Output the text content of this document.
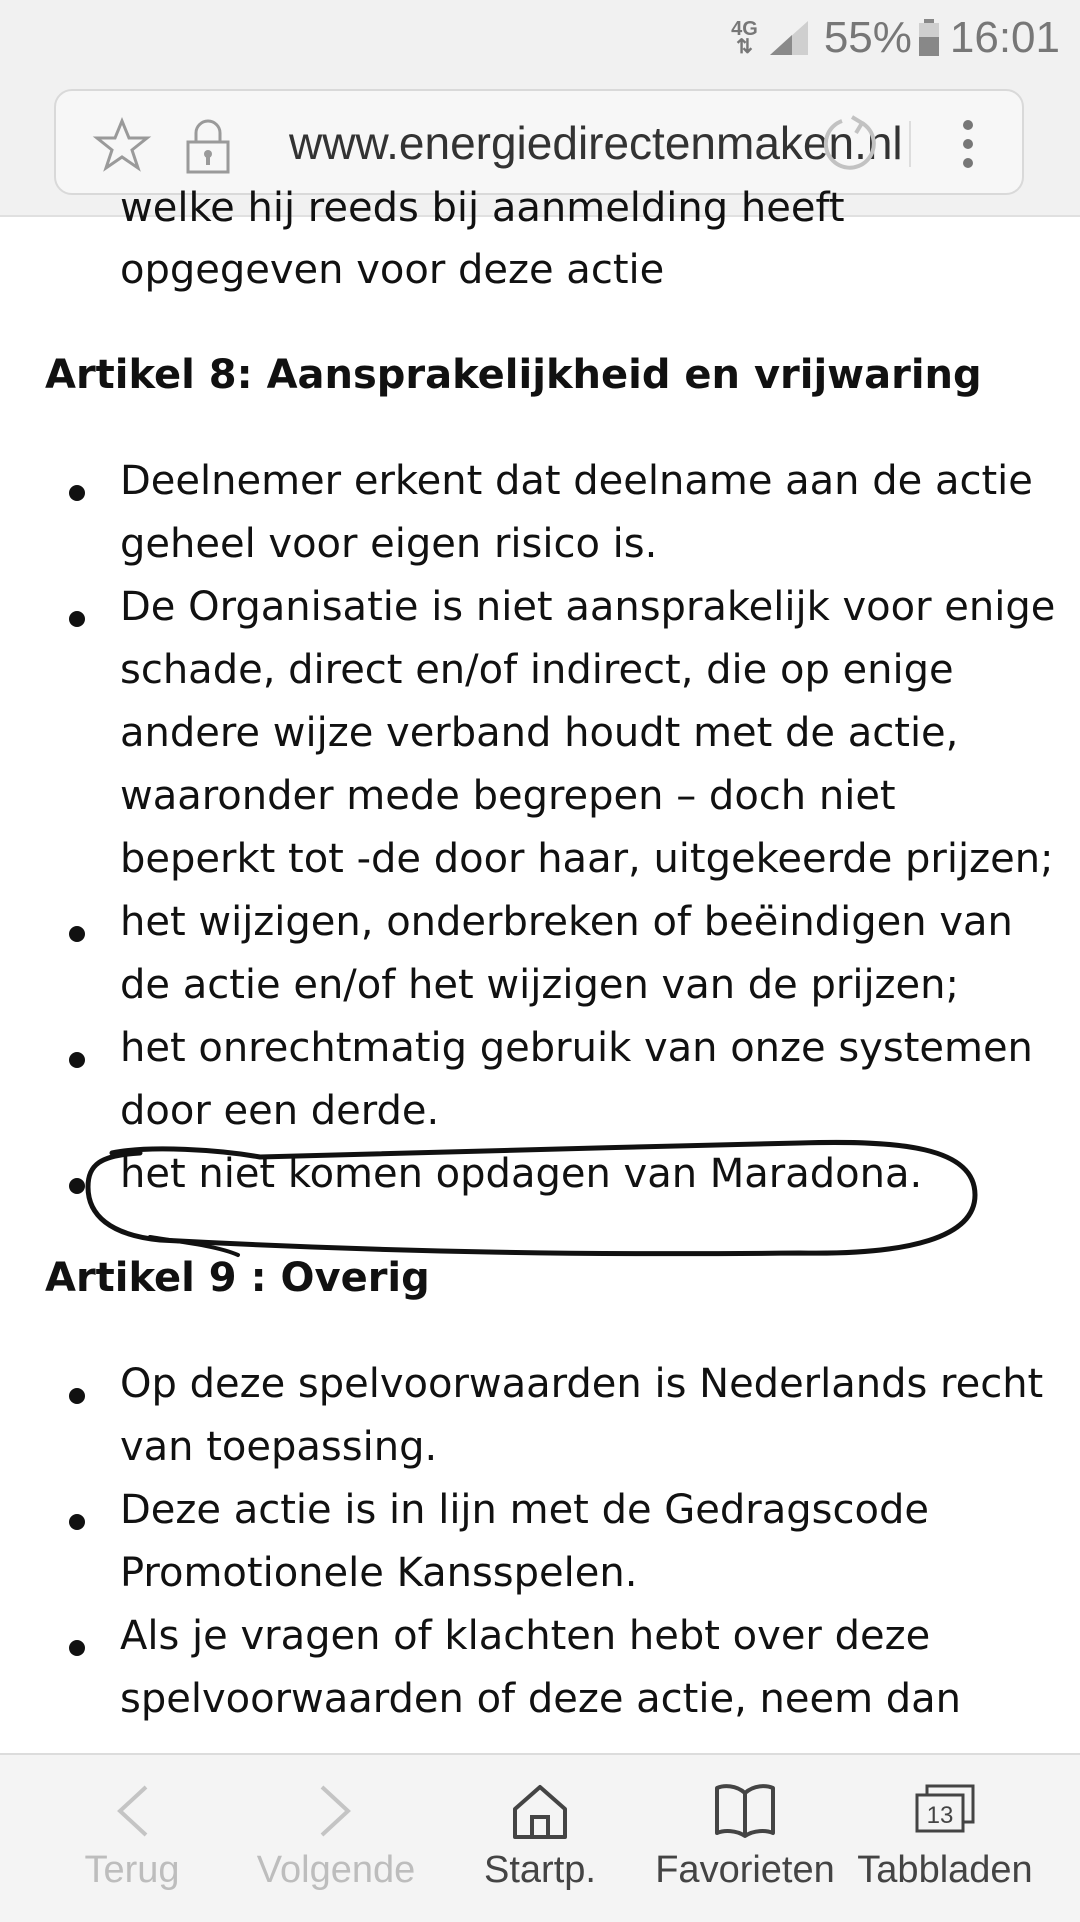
4G
⇅ 55% 16:01
www.energiedirectenmaken.nl
welke hij reeds bij aanmelding heeft
opgegeven voor deze actie
Artikel 8: Aansprakelijkheid en vrijwaring
Deelnemer erkent dat deelname aan de actie
geheel voor eigen risico is.
De Organisatie is niet aansprakelijk voor enige
schade, direct en/of indirect, die op enige
andere wijze verband houdt met de actie,
waaronder mede begrepen – doch niet
beperkt tot -de door haar, uitgekeerde prijzen;
het wijzigen, onderbreken of beëindigen van
de actie en/of het wijzigen van de prijzen;
het onrechtmatig gebruik van onze systemen
door een derde.
het niet komen opdagen van Maradona.
Artikel 9 : Overig
Op deze spelvoorwaarden is Nederlands recht
van toepassing.
Deze actie is in lijn met de Gedragscode
Promotionele Kansspelen.
Als je vragen of klachten hebt over deze
spelvoorwaarden of deze actie, neem dan
Terug	Volgende	Startp.	Favorieten
13
Tabbladen
